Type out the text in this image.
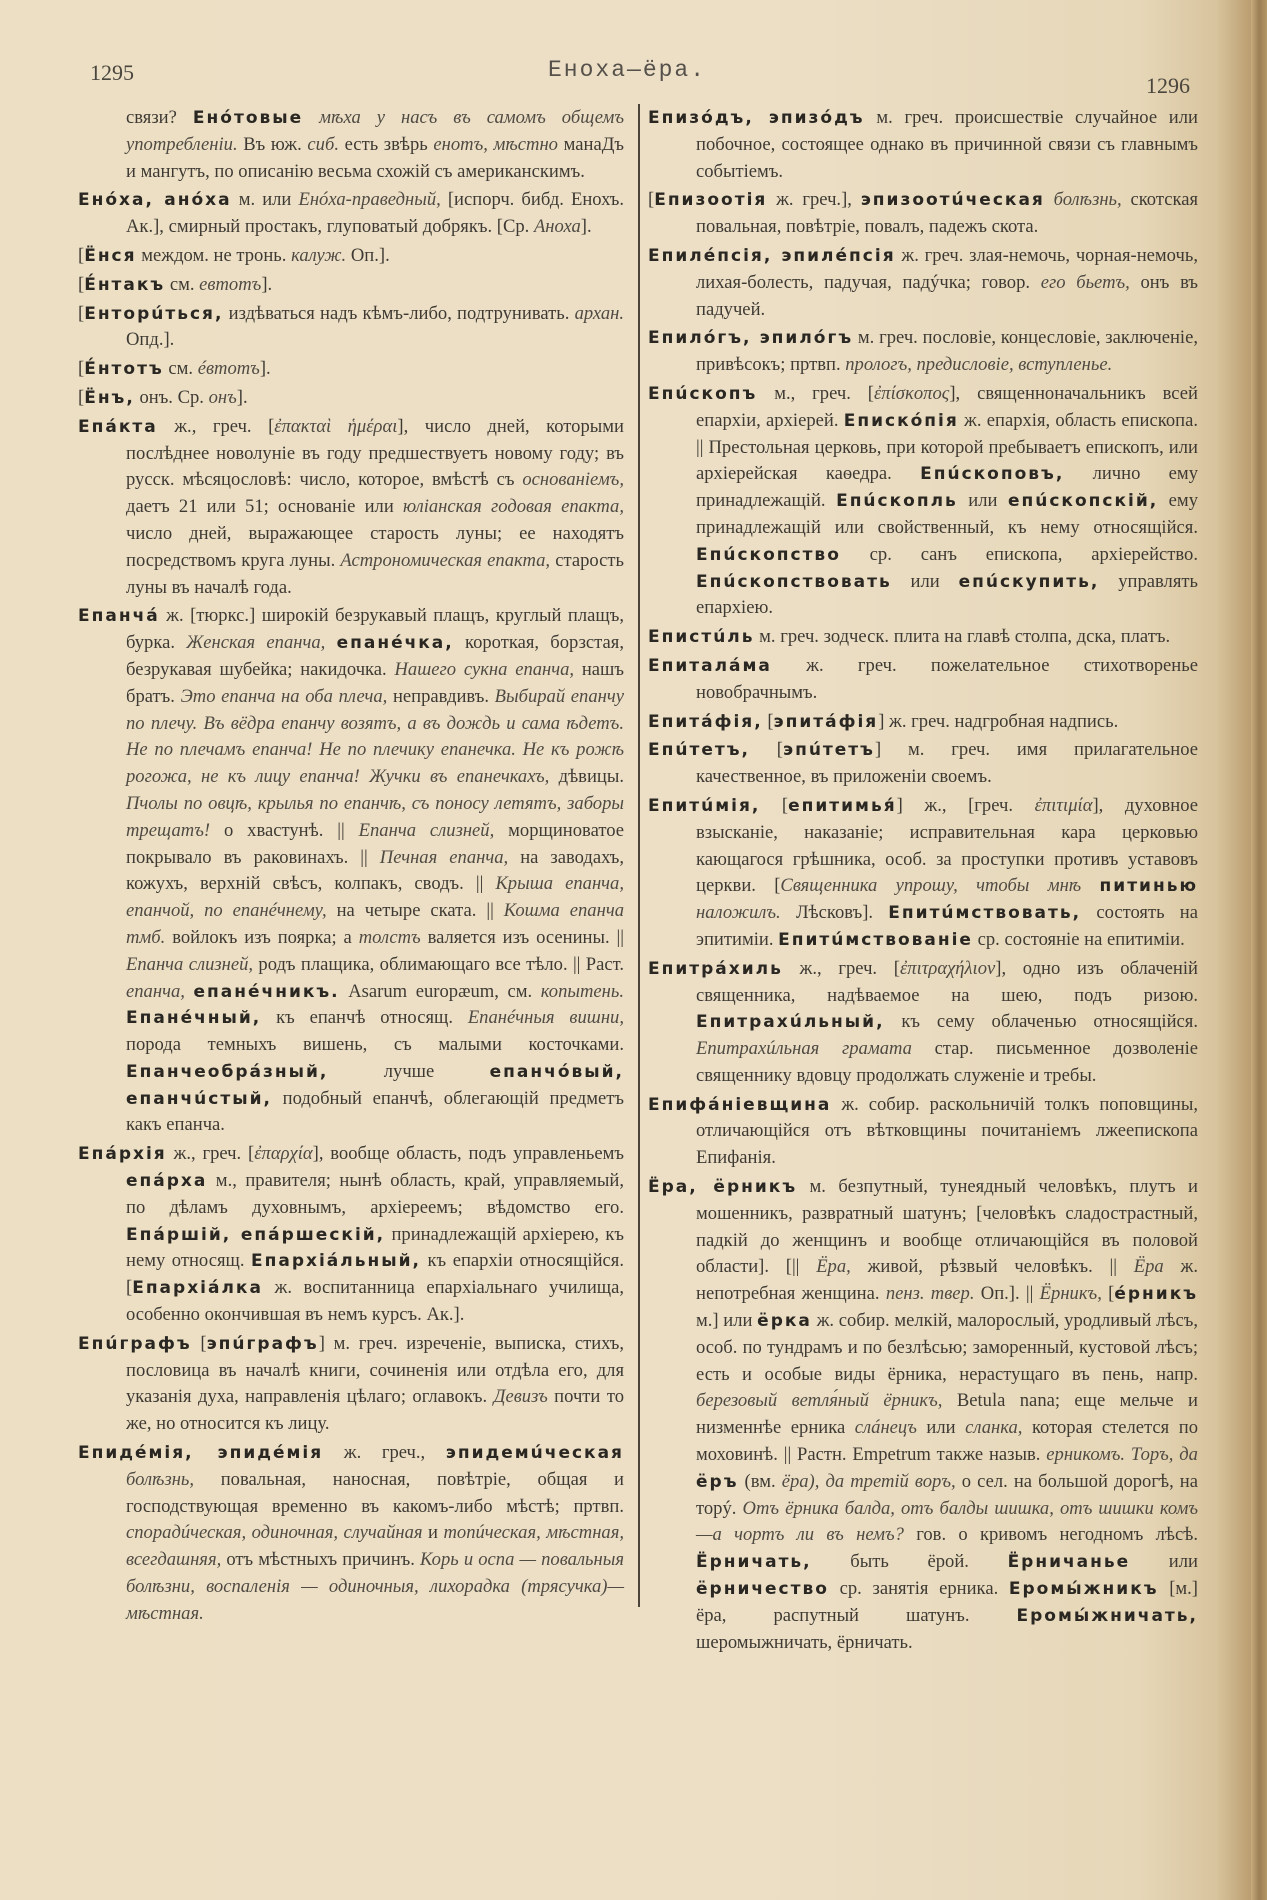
1295	Еноха—ёра.
1296

связи? Енóтовые мѣха у насъ въ самомъ общемъ употребленіи. Въ юж. сиб. есть звѣрь енотъ, мѣстно манаДъ и мангутъ, по описанію весьма схожій съ американскимъ.

Енóха, анóха м. или Енóха-праведный, [испорч. бибд. Енохъ. Ак.], смирный простакъ, глуповатый добрякъ. [Ср. Аноха].

[Ёнся междом. не тронь. калуж. Оп.].

[Е́нтакъ см. евтотъ].

[Енторúться, издѣваться надъ кѣмъ-либо, подтрунивать. архан. Опд.].

[Е́нтотъ см. éвтотъ].

[Ёнъ, онъ. Ср. онъ].

Епáкта ж., греч. [ἐπακταὶ ἡμέραι], число дней, которыми послѣднее новолуніе въ году предшествуетъ новому году; въ русск. мѣсяцословѣ: число, которое, вмѣстѣ съ основаніемъ, даетъ 21 или 51; основаніе или юліанская годовая епакта, число дней, выражающее старость луны; ее находятъ посредствомъ круга луны. Астрономическая епакта, старость луны въ началѣ года.

Епанчá ж. [тюркс.] широкій безрукавый плащъ, круглый плащъ, бурка. Женская епанча, епанéчка, короткая, борзстая, безрукавая шубейка; накидочка. Нашего сукна епанча, нашъ братъ. Это епанча на оба плеча, неправдивъ. Выбирай епанчу по плечу. Въ вёдра епанчу возятъ, а въ дождь и сама ѣдетъ. Не по плечамъ епанча! Не по плечику епанечка. Не къ рожѣ рогожа, не къ лицу епанча! Жучки въ епанечкахъ, дѣвицы. Пчолы по овцѣ, крылья по епанчѣ, съ поносу летятъ, заборы трещатъ! о хвастунѣ. || Епанча слизней, морщиноватое покрывало въ раковинахъ. || Печная епанча, на заводахъ, кожухъ, верхній свѣсъ, колпакъ, сводъ. || Крыша епанча, епанчой, по епанéчнему, на четыре ската. || Кошма епанча тмб. войлокъ изъ поярка; а толстъ валяется изъ осенины. || Епанча слизней, родъ плащика, облимающаго все тѣло. || Раст. епанча, епанéчникъ. Asarum europæum, см. копытень. Епанéчный, къ епанчѣ относящ. Епанéчныя вишни, порода темныхъ вишень, съ малыми косточками. Епанчеобрáзный, лучше епанчóвый, епанчúстый, подобный епанчѣ, облегающій предметъ какъ епанча.

Епáрхія ж., греч. [ἐπαρχία], вообще область, подъ управленьемъ епáрха м., правителя; нынѣ область, край, управляемый, по дѣламъ духовнымъ, архіереемъ; вѣдомство его. Епáршій, епáршескій, принадлежащій архіерею, къ нему относящ. Епархіáльный, къ епархіи относящійся. [Епархіáлка ж. воспитанница епархіальнаго училища, особенно окончившая въ немъ курсъ. Ак.].

Епúграфъ [эпúграфъ] м. греч. изреченіе, выписка, стихъ, пословица въ началѣ книги, сочиненія или отдѣла его, для указанія духа, направленія цѣлаго; оглавокъ. Девизъ почти то же, но относится къ лицу.

Епидéмія, эпидéмія ж. греч., эпидемúческая болѣзнь, повальная, наносная, повѣтріе, общая и господствующая временно въ какомъ-либо мѣстѣ; пртвп. спорадúческая, одиночная, случайная и топúческая, мѣстная, всегдашняя, отъ мѣстныхъ причинъ. Корь и оспа — повальныя болѣзни, воспаленія — одиночныя, лихорадка (трясучка)— мѣстная.

Епизóдъ, эпизóдъ м. греч. происшествіе случайное или побочное, состоящее однако въ причинной связи съ главнымъ событіемъ.

[Епизоотія ж. греч.], эпизоотúческая болѣзнь, скотская повальная, повѣтріе, повалъ, падежъ скота.

Епилéпсія, эпилéпсія ж. греч. злая-немочь, чорная-немочь, лихая-болесть, падучая, падýчка; говор. его бьетъ, онъ въ падучей.

Епилóгъ, эпилóгъ м. греч. пословіе, концесловіе, заключеніе, привѣсокъ; пртвп. прологъ, предисловіе, вступленье.

Епúскопъ м., греч. [ἐπίσκοπος], священноначальникъ всей епархіи, архіерей. Епискóпія ж. епархія, область епископа. || Престольная церковь, при которой пребываетъ епископъ, или архіерейская каѳедра. Епúскоповъ, лично ему принадлежащій. Епúскопль или епúскопскій, ему принадлежащій или свойственный, къ нему относящійся. Епúскопство ср. санъ епископа, архіерейство. Епúскопствовать или епúскупить, управлять епархіею.

Епистúль м. греч. зодческ. плита на главѣ столпа, дска, платъ.

Епиталáма ж. греч. пожелательное стихотворенье новобрачнымъ.

Епитáфія, [эпитáфія] ж. греч. надгробная надпись.

Епúтетъ, [эпúтетъ] м. греч. имя прилагательное качественное, въ приложеніи своемъ.

Епитúмія, [епитимья́] ж., [греч. ἐπιτιμία], духовное взысканіе, наказаніе; исправительная кара церковью кающагося грѣшника, особ. за проступки противъ уставовъ церкви. [Священника упрошу, чтобы мнѣ питинью наложилъ. Лѣсковъ]. Епитúмствовать, состоять на эпитиміи. Епитúмствованіе ср. состояніе на епитиміи.

Епитрáхиль ж., греч. [ἐπιτραχήλιον], одно изъ облаченій священника, надѣваемое на шею, подъ ризою. Епитрахúльный, къ сему облаченью относящійся. Епитрахúльная грамата стар. письменное дозволеніе священнику вдовцу продолжать служеніе и требы.

Епифáніевщина ж. собир. раскольничій толкъ поповщины, отличающійся отъ вѣтковщины почитаніемъ лжеепископа Епифанія.

Ёра, ёрникъ м. безпутный, тунеядный человѣкъ, плутъ и мошенникъ, развратный шатунъ; [человѣкъ сладострастный, падкій до женщинъ и вообще отличающійся въ половой области]. [|| Ёра, живой, рѣзвый человѣкъ. || Ёра ж. непотребная женщина. пенз. твер. Оп.]. || Ёрникъ, [éрникъ м.] или ёрка ж. собир. мелкій, малорослый, уродливый лѣсъ, особ. по тундрамъ и по безлѣсью; заморенный, кустовой лѣсъ; есть и особые виды ёрника, нерастущаго въ пень, напр. березовый ветля́ный ёрникъ, Betula nana; еще мельче и низменнѣе ерника слáнецъ или сланка, которая стелется по моховинѣ. || Растн. Empetrum также назыв. ерникомъ. Торъ, да ёръ (вм. ёра), да третій воръ, о сел. на большой дорогѣ, на торý. Отъ ёрника балда, отъ балды шишка, отъ шишки комъ—а чортъ ли въ немъ? гов. о кривомъ негодномъ лѣсѣ. Ёрничать, быть ёрой. Ёрничанье или ёрничество ср. занятія ерника. Еромы́жникъ [м.] ёра, распутный шатунъ. Еромы́жничать, шеромыжничать, ёрничать.
